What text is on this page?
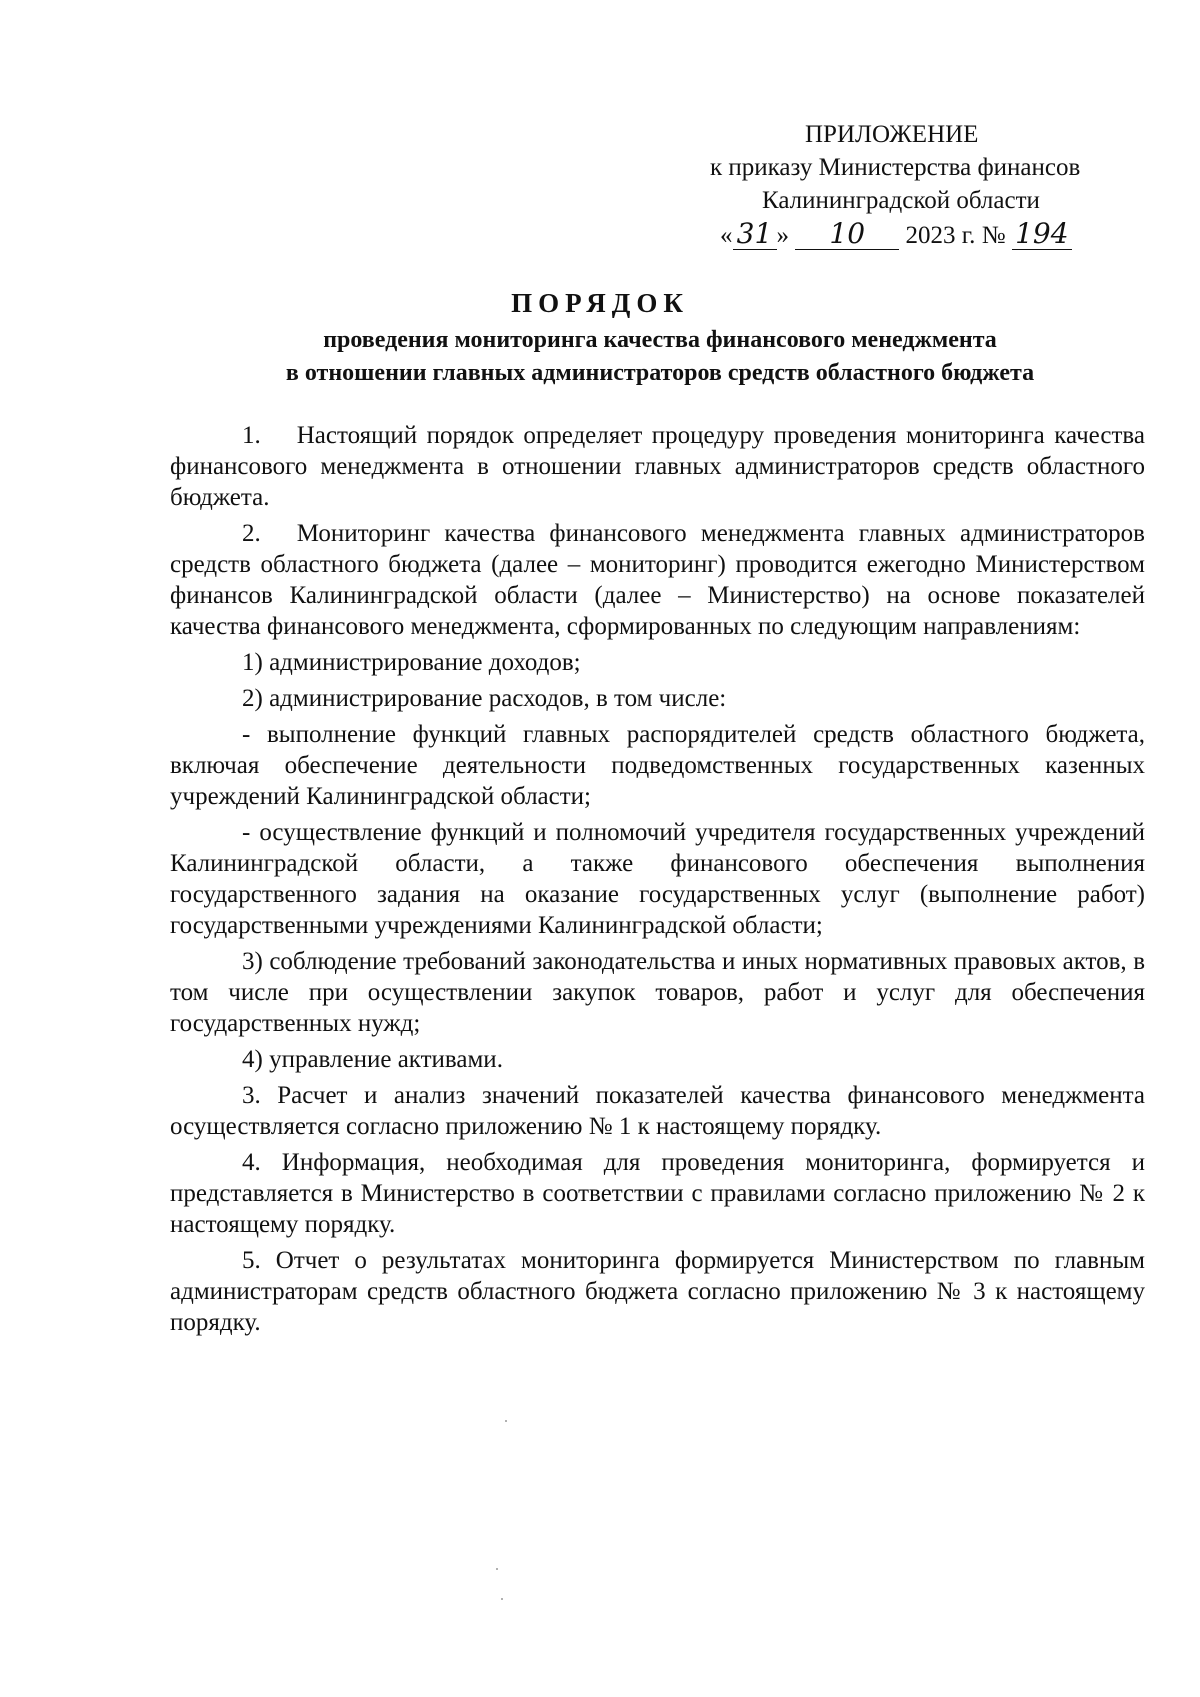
ПРИЛОЖЕНИЕ
к приказу Министерства финансов
Калининградской области
« 31 » 10 2023 г. № 194
ПОРЯДОК
проведения мониторинга качества финансового менеджмента
в отношении главных администраторов средств областного бюджета

1. Настоящий порядок определяет процедуру проведения мониторинга качества финансового менеджмента в отношении главных администраторов средств областного бюджета.

2. Мониторинг качества финансового менеджмента главных администраторов средств областного бюджета (далее – мониторинг) проводится ежегодно Министерством финансов Калининградской области (далее – Министерство) на основе показателей качества финансового менеджмента, сформированных по следующим направлениям:

1) администрирование доходов;

2) администрирование расходов, в том числе:

- выполнение функций главных распорядителей средств областного бюджета, включая обеспечение деятельности подведомственных государственных казенных учреждений Калининградской области;

- осуществление функций и полномочий учредителя государственных учреждений Калининградской области, а также финансового обеспечения выполнения государственного задания на оказание государственных услуг (выполнение работ) государственными учреждениями Калининградской области;

3) соблюдение требований законодательства и иных нормативных правовых актов, в том числе при осуществлении закупок товаров, работ и услуг для обеспечения государственных нужд;

4) управление активами.

3. Расчет и анализ значений показателей качества финансового менеджмента осуществляется согласно приложению № 1 к настоящему порядку.

4. Информация, необходимая для проведения мониторинга, формируется и представляется в Министерство в соответствии с правилами согласно приложению № 2 к настоящему порядку.

5. Отчет о результатах мониторинга формируется Министерством по главным администраторам средств областного бюджета согласно приложению № 3 к настоящему порядку.
